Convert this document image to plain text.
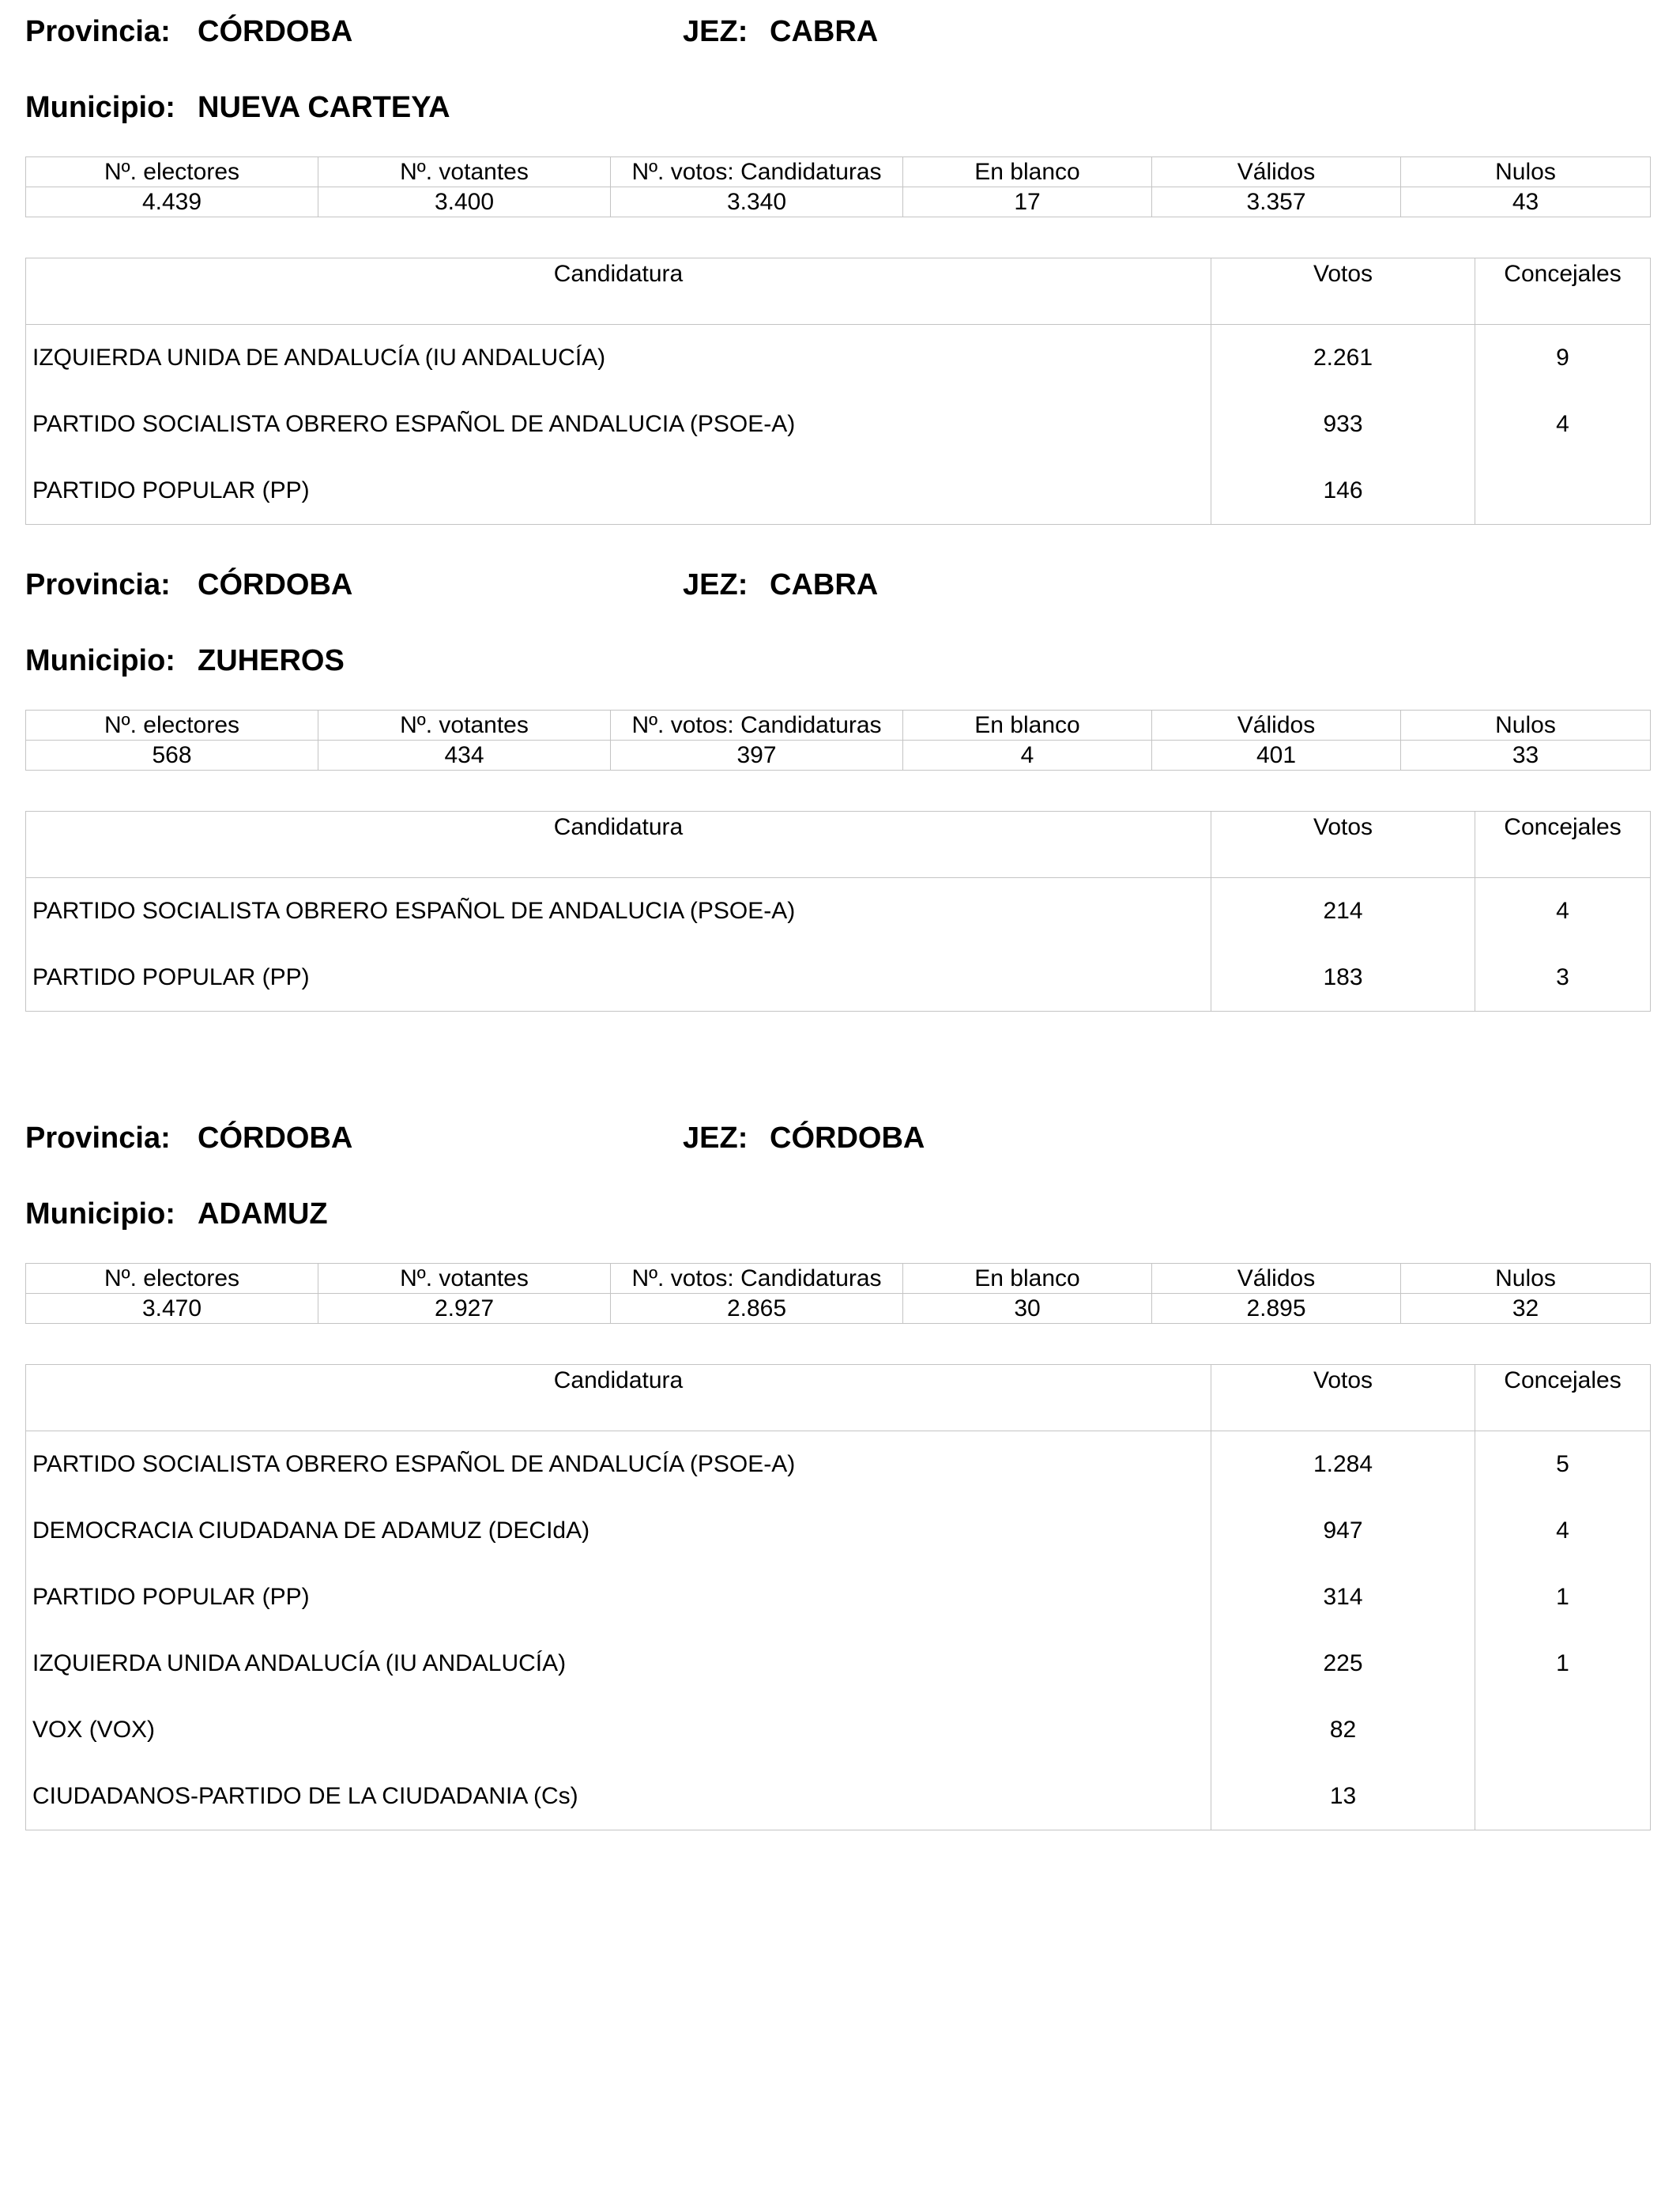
Provincia: CÓRDOBA	JEZ: CABRA
Municipio: NUEVA CARTEYA
Nº. electores	Nº. votantes	Nº. votos: Candidaturas	En blanco	Válidos	Nulos
4.439	3.400	3.340	17	3.357	43
Candidatura	Votos	Concejales
IZQUIERDA UNIDA DE ANDALUCÍA (IU ANDALUCÍA)	2.261	9
PARTIDO SOCIALISTA OBRERO ESPAÑOL DE ANDALUCIA (PSOE-A)	933	4
PARTIDO POPULAR (PP)	146	
Provincia: CÓRDOBA	JEZ: CABRA
Municipio: ZUHEROS
Nº. electores	Nº. votantes	Nº. votos: Candidaturas	En blanco	Válidos	Nulos
568	434	397	4	401	33
Candidatura	Votos	Concejales
PARTIDO SOCIALISTA OBRERO ESPAÑOL DE ANDALUCIA (PSOE-A)	214	4
PARTIDO POPULAR (PP)	183	3
Provincia: CÓRDOBA	JEZ: CÓRDOBA
Municipio: ADAMUZ
Nº. electores	Nº. votantes	Nº. votos: Candidaturas	En blanco	Válidos	Nulos
3.470	2.927	2.865	30	2.895	32
Candidatura	Votos	Concejales
PARTIDO SOCIALISTA OBRERO ESPAÑOL DE ANDALUCÍA (PSOE-A)	1.284	5
DEMOCRACIA CIUDADANA DE ADAMUZ (DECIdA)	947	4
PARTIDO POPULAR (PP)	314	1
IZQUIERDA UNIDA ANDALUCÍA (IU ANDALUCÍA)	225	1
VOX (VOX)	82	
CIUDADANOS-PARTIDO DE LA CIUDADANIA (Cs)	13	
